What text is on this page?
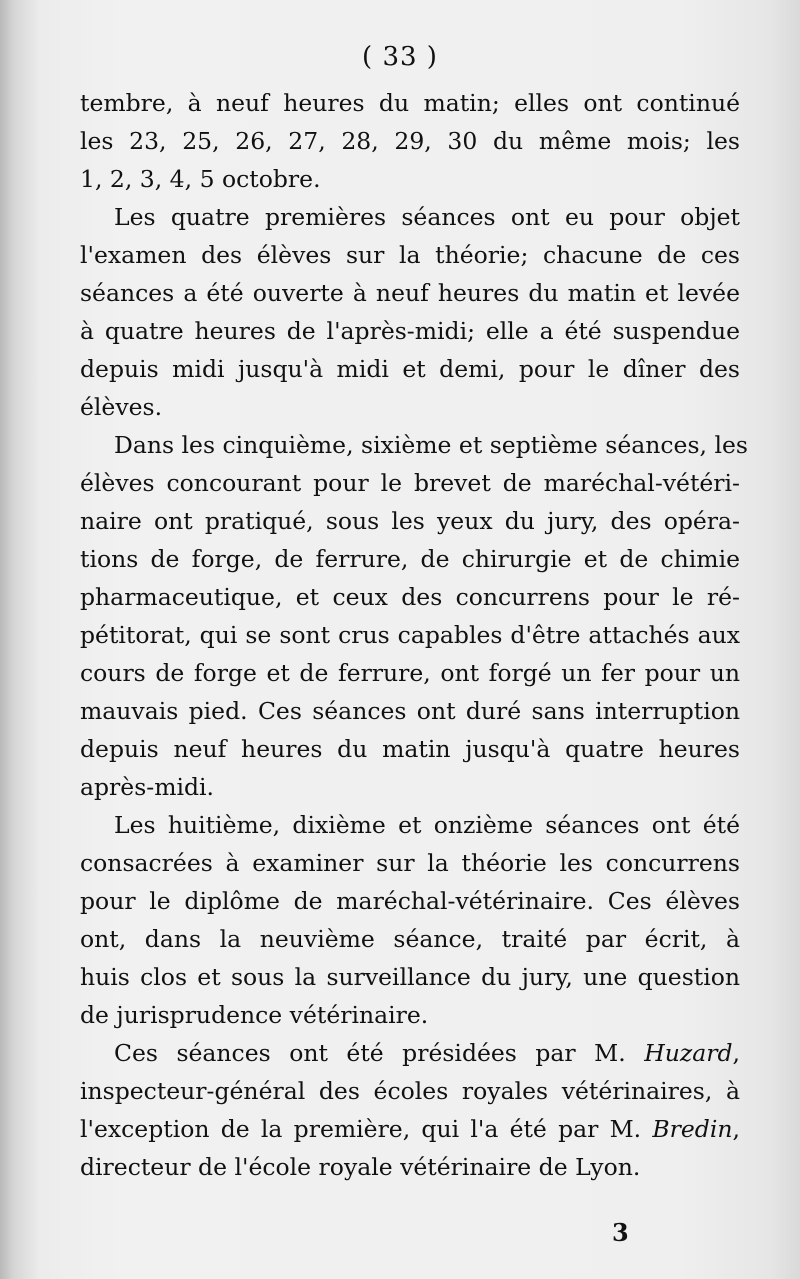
( 33 )

tembre, à neuf heures du matin; elles ont continué
les 23, 25, 26, 27, 28, 29, 30 du même mois; les
1, 2, 3, 4, 5 octobre.

Les quatre premières séances ont eu pour objet
l'examen des élèves sur la théorie; chacune de ces
séances a été ouverte à neuf heures du matin et levée
à quatre heures de l'après-midi; elle a été suspendue
depuis midi jusqu'à midi et demi, pour le dîner des
élèves.

Dans les cinquième, sixième et septième séances, les
élèves concourant pour le brevet de maréchal-vétéri-
naire ont pratiqué, sous les yeux du jury, des opéra-
tions de forge, de ferrure, de chirurgie et de chimie
pharmaceutique, et ceux des concurrens pour le ré-
pétitorat, qui se sont crus capables d'être attachés aux
cours de forge et de ferrure, ont forgé un fer pour un
mauvais pied. Ces séances ont duré sans interruption
depuis neuf heures du matin jusqu'à quatre heures
après-midi.

Les huitième, dixième et onzième séances ont été
consacrées à examiner sur la théorie les concurrens
pour le diplôme de maréchal-vétérinaire. Ces élèves
ont, dans la neuvième séance, traité par écrit, à
huis clos et sous la surveillance du jury, une question
de jurisprudence vétérinaire.

Ces séances ont été présidées par M. Huzard,
inspecteur-général des écoles royales vétérinaires, à
l'exception de la première, qui l'a été par M. Bredin,
directeur de l'école royale vétérinaire de Lyon.

3
